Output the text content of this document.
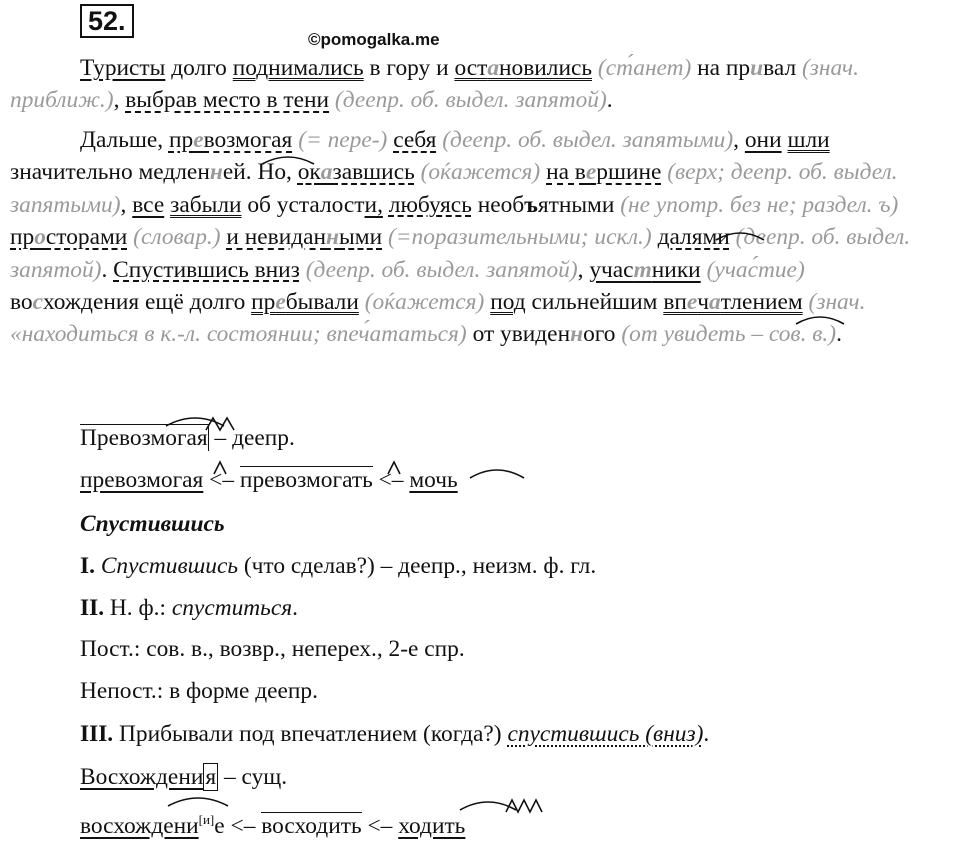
52.
©pomogalka.me

Туристы долго поднимались в гору и остановились (ст́анет) на привал (знач. приближ.), выбрав место в тени (деепр. об. выдел. запятой).

Дальше, превозмогая (= пере-) себя (деепр. об. выдел. запятыми), они шли значительно медленней. Но, оказавшись (оќажется) на вершине (верх; деепр. об. выдел. запятыми), все забыли об усталости, любуясь необъятными (не употр. без не; раздел. ъ) просторами (словар.) и невиданными (=поразительными; искл.) далями (деепр. об. выдел. запятой). Спустившись вниз (деепр. об. выдел. запятой), участники (учас́тие) восхождения ещё долго пребывали (оќажется) под сильнейшим впечатлением (знач. «находиться в к.-л. состоянии; впеч́ататься) от увиденного (от увидеть – сов. в.).

Превозмогая – деепр.
превозмогая <– превозмогать <– мочь
Спустившись
I. Спустившись (что сделав?) – деепр., неизм. ф. гл.
II. Н. ф.: спуститься.
Пост.: сов. в., возвр., неперех., 2-е спр.
Непост.: в форме деепр.
III. Прибывали под впечатлением (когда?) спустившись (вниз).
Восхождения – сущ.
восхождени[и]е <– восходить <– ходить
